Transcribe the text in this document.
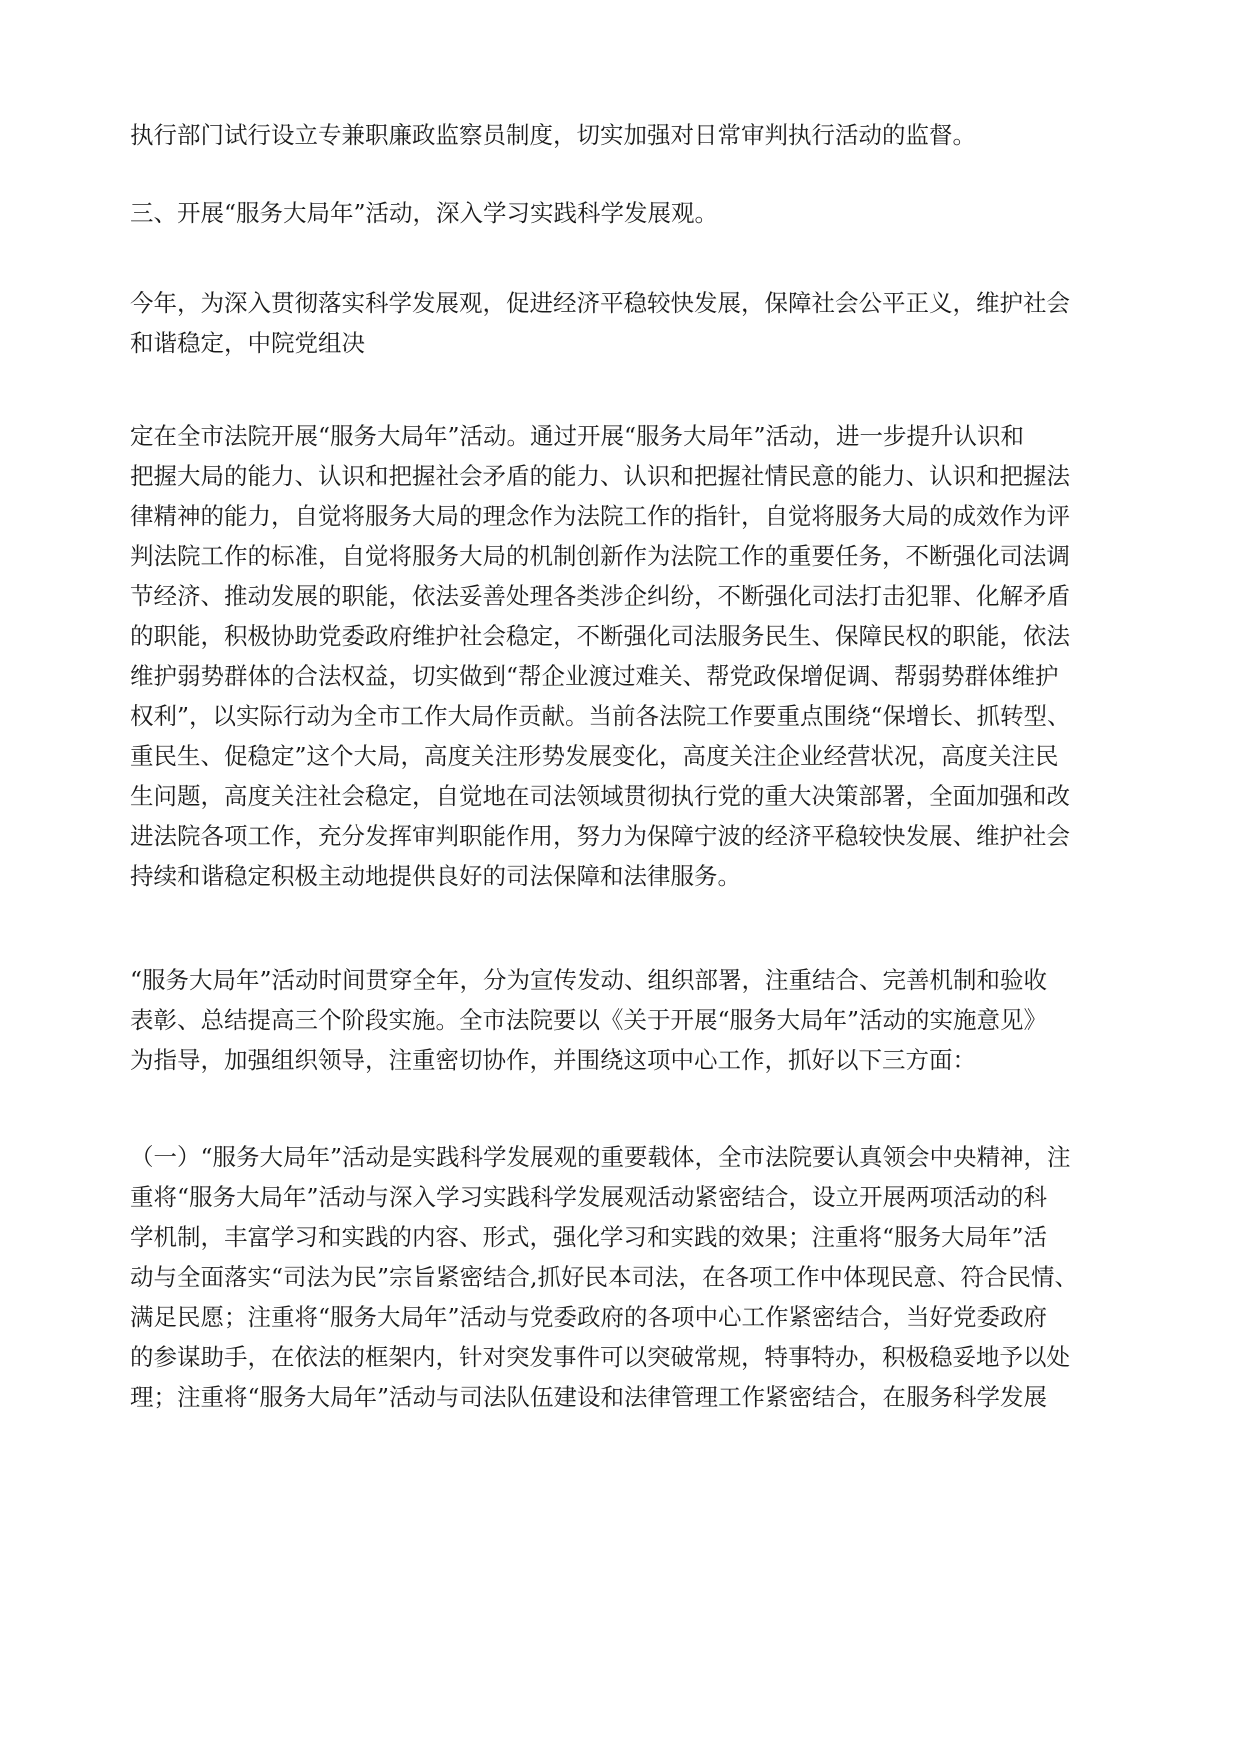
执行部门试行设立专兼职廉政监察员制度，切实加强对日常审判执行活动的监督。

三、开展“服务大局年”活动，深入学习实践科学发展观。

今年，为深入贯彻落实科学发展观，促进经济平稳较快发展，保障社会公平正义，维护社会
和谐稳定，中院党组决

定在全市法院开展“服务大局年”活动。通过开展“服务大局年”活动，进一步提升认识和
把握大局的能力、认识和把握社会矛盾的能力、认识和把握社情民意的能力、认识和把握法
律精神的能力，自觉将服务大局的理念作为法院工作的指针，自觉将服务大局的成效作为评
判法院工作的标准，自觉将服务大局的机制创新作为法院工作的重要任务，不断强化司法调
节经济、推动发展的职能，依法妥善处理各类涉企纠纷，不断强化司法打击犯罪、化解矛盾
的职能，积极协助党委政府维护社会稳定，不断强化司法服务民生、保障民权的职能，依法
维护弱势群体的合法权益，切实做到“帮企业渡过难关、帮党政保增促调、帮弱势群体维护
权利”，以实际行动为全市工作大局作贡献。当前各法院工作要重点围绕“保增长、抓转型、
重民生、促稳定”这个大局，高度关注形势发展变化，高度关注企业经营状况，高度关注民
生问题，高度关注社会稳定，自觉地在司法领域贯彻执行党的重大决策部署，全面加强和改
进法院各项工作，充分发挥审判职能作用，努力为保障宁波的经济平稳较快发展、维护社会
持续和谐稳定积极主动地提供良好的司法保障和法律服务。

“服务大局年”活动时间贯穿全年，分为宣传发动、组织部署，注重结合、完善机制和验收
表彰、总结提高三个阶段实施。全市法院要以《关于开展“服务大局年”活动的实施意见》
为指导，加强组织领导，注重密切协作，并围绕这项中心工作，抓好以下三方面：

（一）“服务大局年”活动是实践科学发展观的重要载体，全市法院要认真领会中央精神，注
重将“服务大局年”活动与深入学习实践科学发展观活动紧密结合，设立开展两项活动的科
学机制，丰富学习和实践的内容、形式，强化学习和实践的效果；注重将“服务大局年”活
动与全面落实“司法为民”宗旨紧密结合,抓好民本司法，在各项工作中体现民意、符合民情、
满足民愿；注重将“服务大局年”活动与党委政府的各项中心工作紧密结合，当好党委政府
的参谋助手，在依法的框架内，针对突发事件可以突破常规，特事特办，积极稳妥地予以处
理；注重将“服务大局年”活动与司法队伍建设和法律管理工作紧密结合，在服务科学发展
